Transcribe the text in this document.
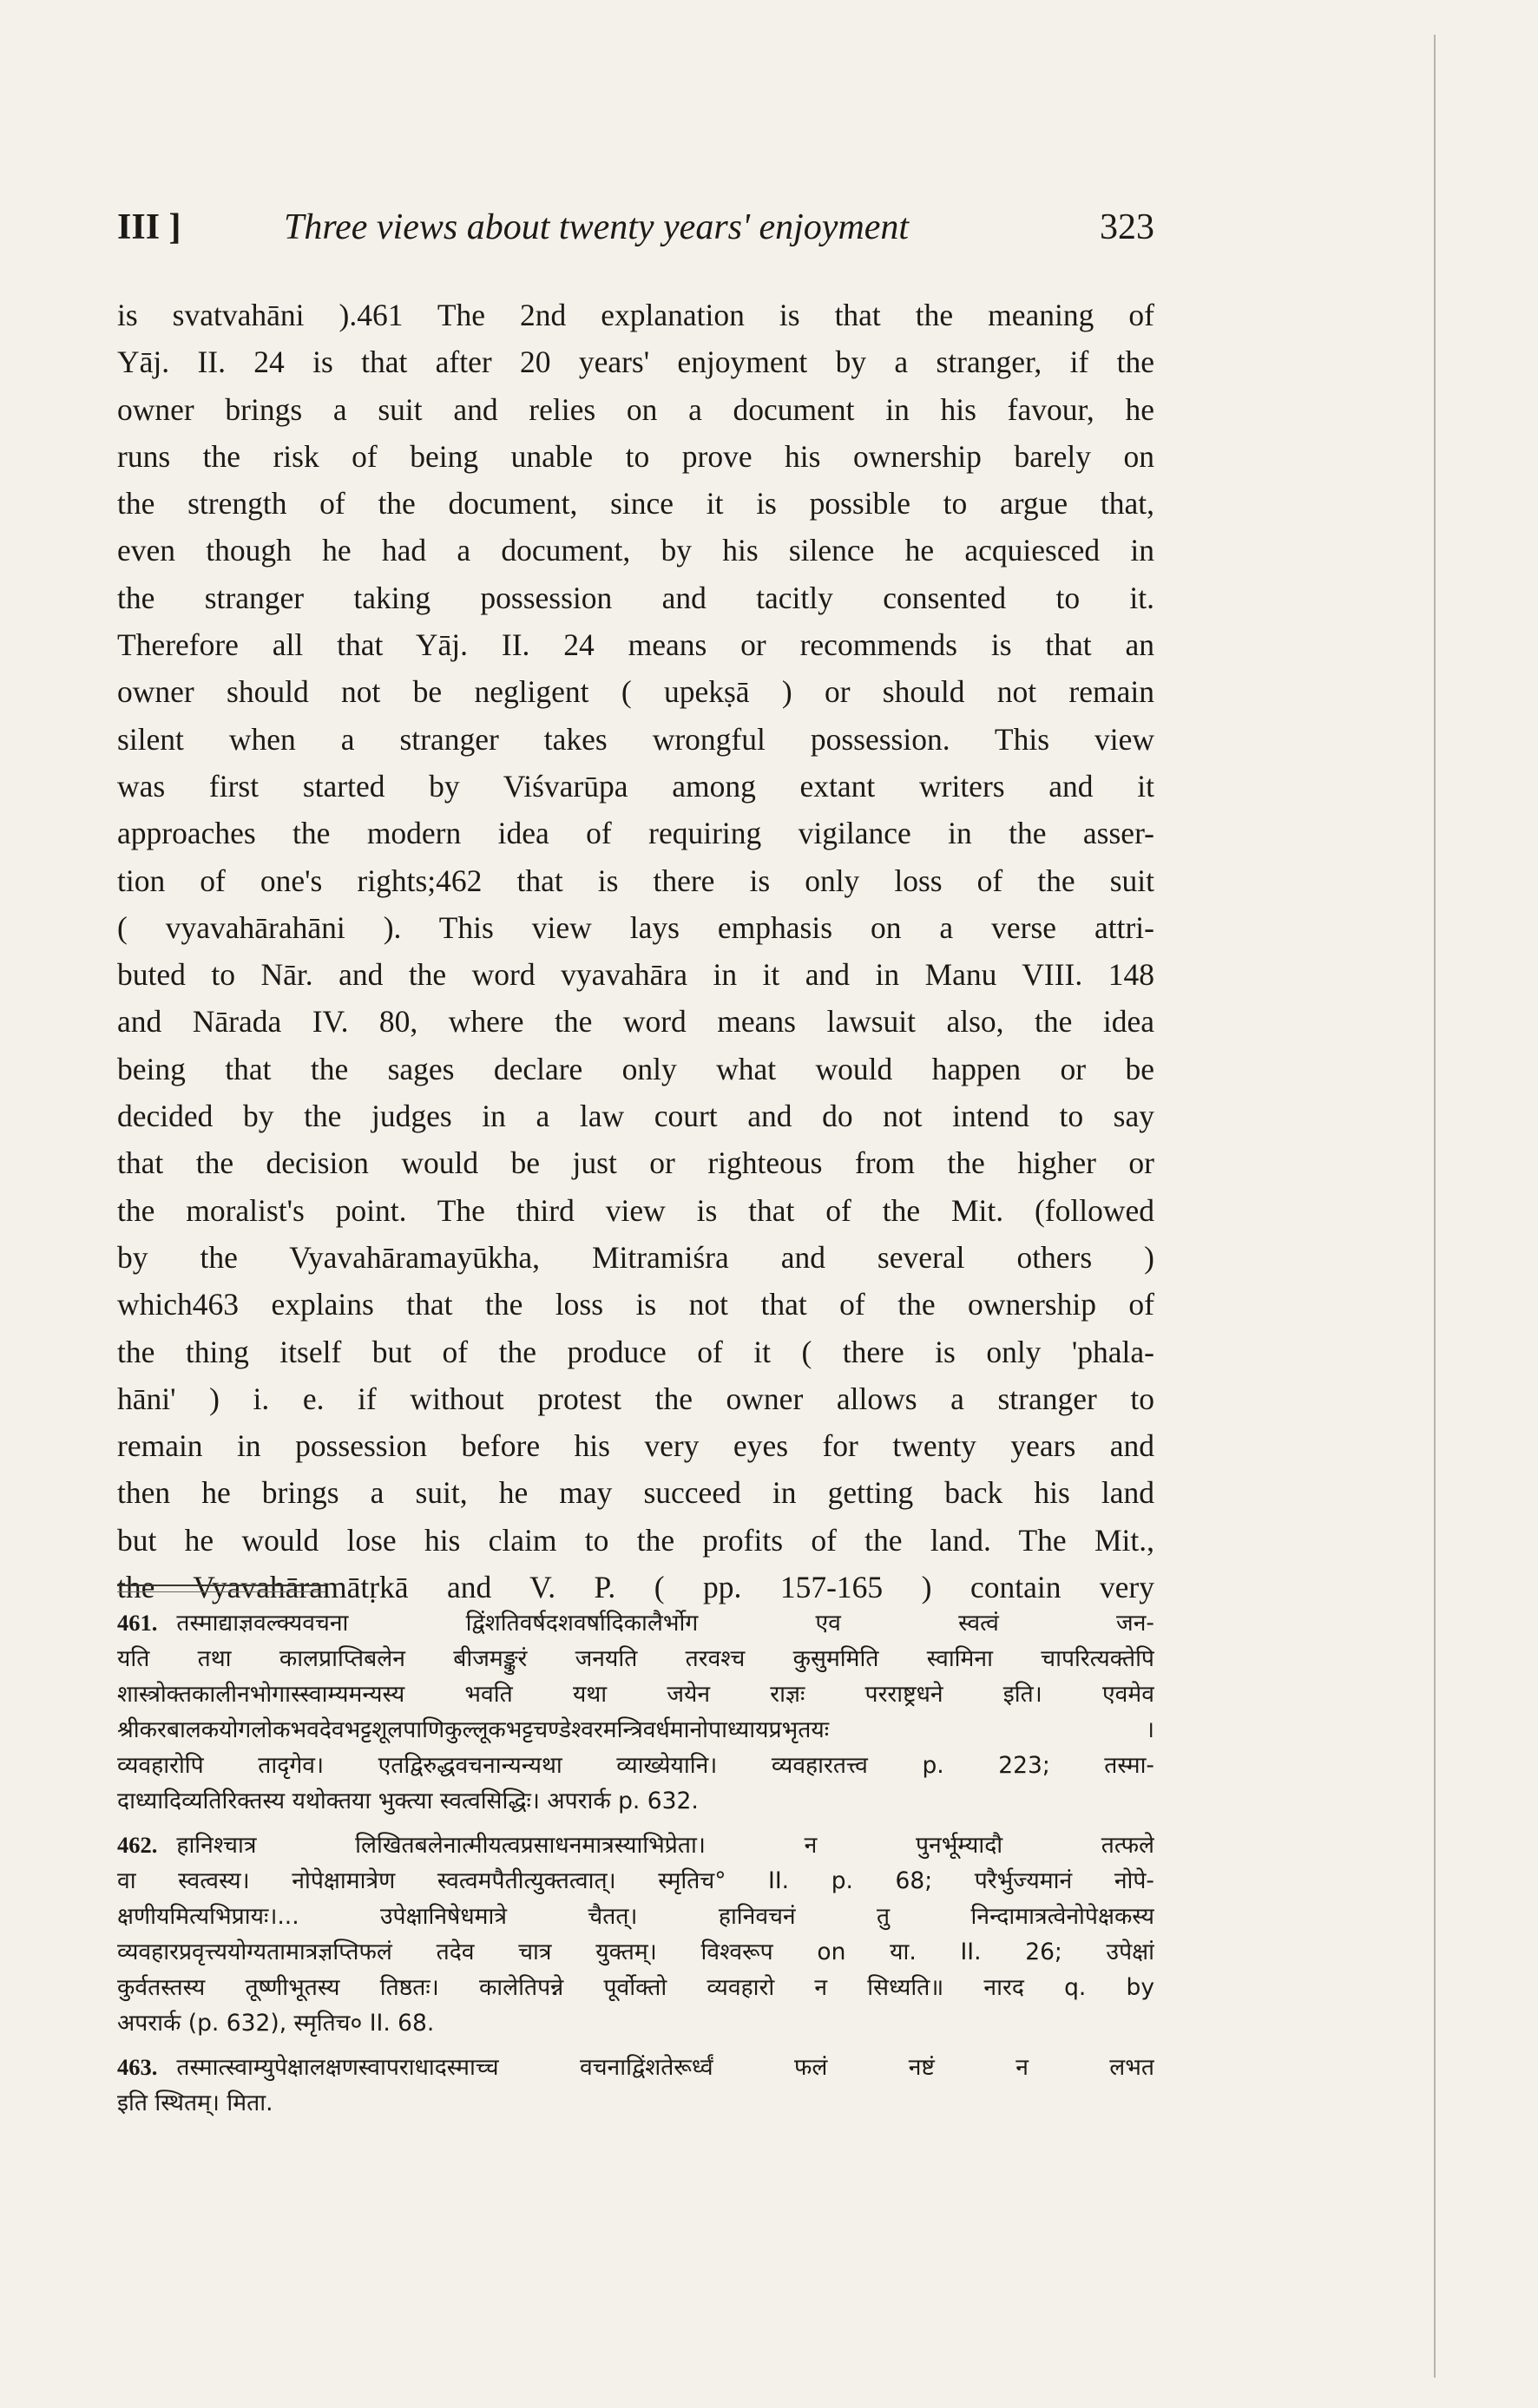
III ]	Three views about twenty years' enjoyment	323
is svatvahāni ).461 The 2nd explanation is that the meaning of
Yāj. II. 24 is that after 20 years' enjoyment by a stranger, if the
owner brings a suit and relies on a document in his favour, he
runs the risk of being unable to prove his ownership barely on
the strength of the document, since it is possible to argue that,
even though he had a document, by his silence he acquiesced in
the stranger taking possession and tacitly consented to it.
Therefore all that Yāj. II. 24 means or recommends is that an
owner should not be negligent ( upekṣā ) or should not remain
silent when a stranger takes wrongful possession. This view
was first started by Viśvarūpa among extant writers and it
approaches the modern idea of requiring vigilance in the asser-
tion of one's rights;462 that is there is only loss of the suit
( vyavahārahāni ). This view lays emphasis on a verse attri-
buted to Nār. and the word vyavahāra in it and in Manu VIII. 148
and Nārada IV. 80, where the word means lawsuit also, the idea
being that the sages declare only what would happen or be
decided by the judges in a law court and do not intend to say
that the decision would be just or righteous from the higher or
the moralist's point. The third view is that of the Mit. (followed
by the Vyavahāramayūkha, Mitramiśra and several others )
which463 explains that the loss is not that of the ownership of
the thing itself but of the produce of it ( there is only 'phala-
hāni' ) i. e. if without protest the owner allows a stranger to
remain in possession before his very eyes for twenty years and
then he brings a suit, he may succeed in getting back his land
but he would lose his claim to the profits of the land. The Mit.,
the Vyavahāramātṛkā and V. P. ( pp. 157-165 ) contain very
461. तस्माद्याज्ञवल्क्यवचना द्विंशतिवर्षदशवर्षादिकालैर्भोग एव स्वत्वं जन-
यति तथा कालप्राप्तिबलेन बीजमङ्कुरं जनयति तरवश्च कुसुममिति स्वामिना चापरित्यक्तेपि
शास्त्रोक्तकालीनभोगास्स्वाम्यमन्यस्य भवति यथा जयेन राज्ञः परराष्ट्रधने इति। एवमेव
श्रीकरबालकयोगलोकभवदेवभट्टशूलपाणिकुल्लूकभट्टचण्डेश्वरमन्त्रिवर्धमानोपाध्यायप्रभृतयः ।
व्यवहारोपि तादृगेव। एतद्विरुद्धवचनान्यन्यथा व्याख्येयानि। व्यवहारतत्त्व p. 223; तस्मा-
दाध्यादिव्यतिरिक्तस्य यथोक्तया भुक्त्या स्वत्वसिद्धिः। अपरार्क p. 632.
462. हानिश्चात्र लिखितबलेनात्मीयत्वप्रसाधनमात्रस्याभिप्रेता। न पुनर्भूम्यादौ तत्फले
वा स्वत्वस्य। नोपेक्षामात्रेण स्वत्वमपैतीत्युक्तत्वात्। स्मृतिच° II. p. 68; परैर्भुज्यमानं नोपे-
क्षणीयमित्यभिप्रायः।... उपेक्षानिषेधमात्रे चैतत्। हानिवचनं तु निन्दामात्रत्वेनोपेक्षकस्य
व्यवहारप्रवृत्त्ययोग्यतामात्रज्ञप्तिफलं तदेव चात्र युक्तम्। विश्वरूप on या. II. 26; उपेक्षां
कुर्वतस्तस्य तूष्णीभूतस्य तिष्ठतः। कालेतिपन्ने पूर्वोक्तो व्यवहारो न सिध्यति॥ नारद q. by
अपरार्क (p. 632), स्मृतिच० II. 68.
463. तस्मात्स्वाम्युपेक्षालक्षणस्वापराधादस्माच्च वचनाद्विंशतेरूर्ध्वं फलं नष्टं न लभत
इति स्थितम्। मिता.
